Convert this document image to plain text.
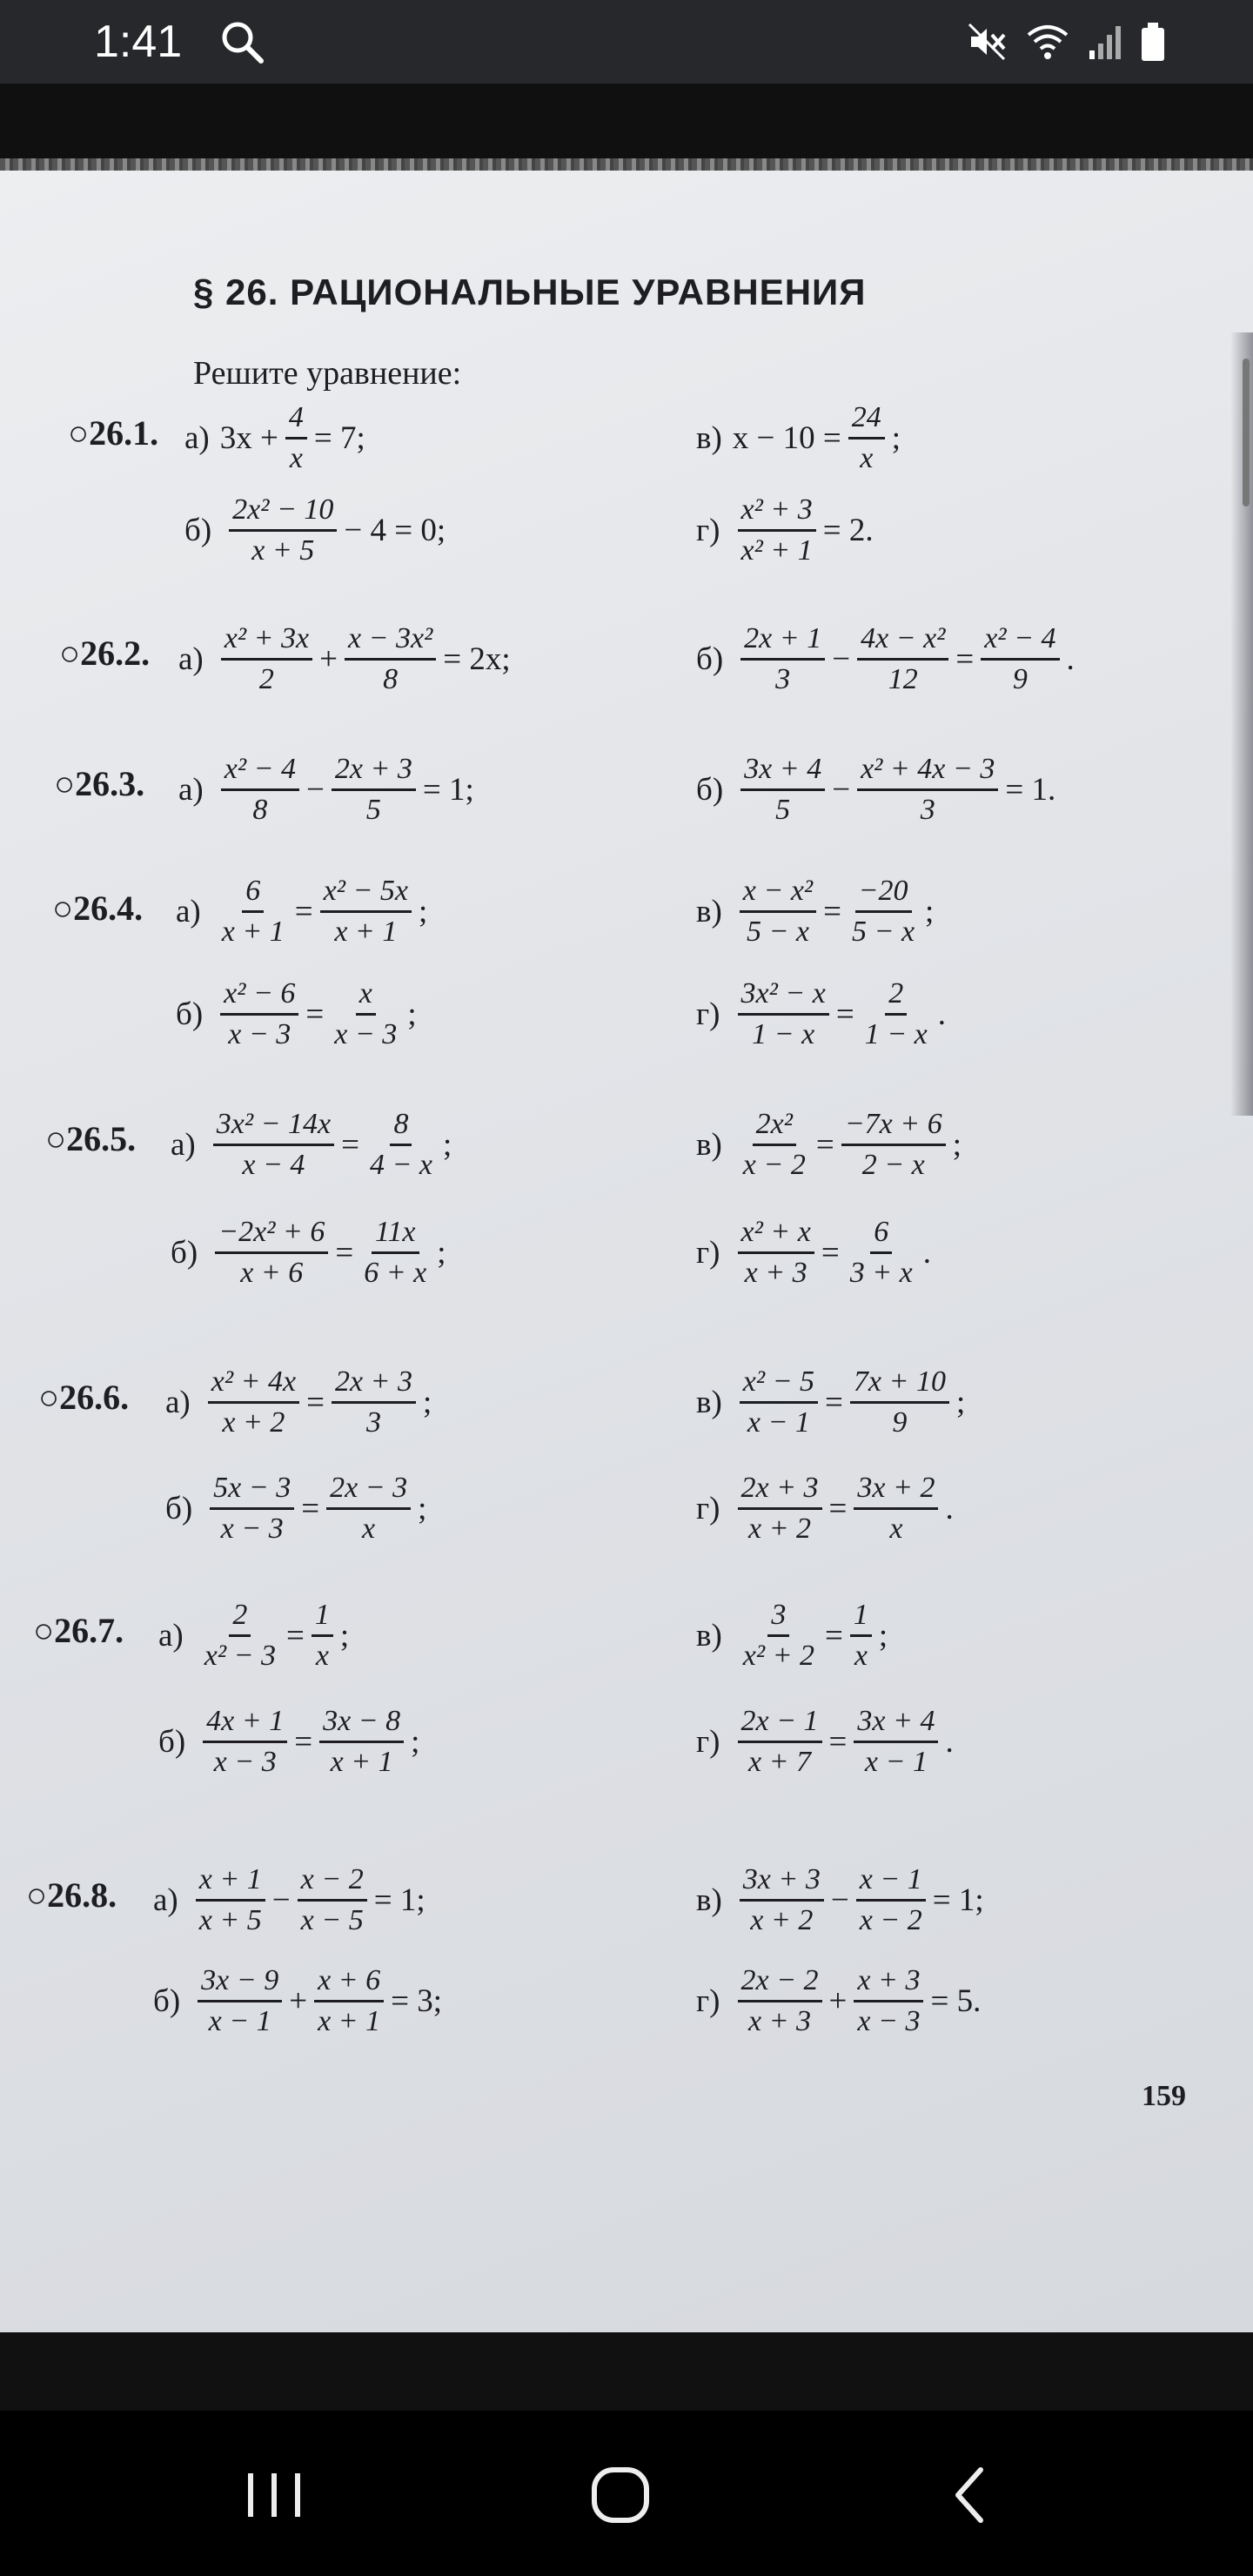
1:41
§ 26. РАЦИОНАЛЬНЫЕ УРАВНЕНИЯ
Решите уравнение:
○26.1. а) $3x + \frac{4}{x} = 7$;	в) $x - 10 = \frac{24}{x}$ ;
$б) \frac{\text{2x² − 10}}{x + 5} - 4 = 0$;	$г) \frac{\text{x² + 3}}{\text{x² + 1}} = 2$.
○26.2. $а) \frac{\text{x² + 3x}}{2} + \frac{\text{x − 3x²}}{8} = 2x$;	$б) \frac{2x + 1}{3} - \frac{\text{4x − x²}}{12} = \frac{\text{x² − 4}}{9}$ .
○26.3. $а) \frac{\text{x² − 4}}{8} - \frac{2x + 3}{5} = 1$;	$б) \frac{3x + 4}{5} - \frac{\text{x² + 4x − 3}}{3} = 1$.
○26.4. $а) \frac{6}{x + 1} = \frac{\text{x² − 5x}}{x + 1}$ ;	$в) \frac{\text{x − x²}}{5 - x} = \frac{-20}{5 - x}$ ;
$б) \frac{\text{x² − 6}}{x - 3} = \frac{x}{x - 3}$ ;	$г) \frac{\text{3x² − x}}{1 - x} = \frac{2}{1 - x}$ .
○26.5. $а) \frac{\text{3x² − 14x}}{x - 4} = \frac{8}{4 - x}$ ;	$в) \frac{\text{2x²}}{x - 2} = \frac{-7x + 6}{2 - x}$ ;
$б) \frac{\text{−2x² + 6}}{x + 6} = \frac{11x}{6 + x}$ ;	$г) \frac{\text{x² + x}}{x + 3} = \frac{6}{3 + x}$ .
○26.6. $а) \frac{\text{x² + 4x}}{x + 2} = \frac{2x + 3}{3}$ ;	$в) \frac{\text{x² − 5}}{x - 1} = \frac{7x + 10}{9}$ ;
$б) \frac{5x - 3}{x - 3} = \frac{2x - 3}{x}$ ;	$г) \frac{2x + 3}{x + 2} = \frac{3x + 2}{x}$ .
○26.7. $а) \frac{2}{\text{x² − 3}} = \frac{1}{x}$ ;	$в) \frac{3}{\text{x² + 2}} = \frac{1}{x}$ ;
$б) \frac{4x + 1}{x - 3} = \frac{3x - 8}{x + 1}$ ;	$г) \frac{2x - 1}{x + 7} = \frac{3x + 4}{x - 1}$ .
○26.8. $а) \frac{x + 1}{x + 5} - \frac{x - 2}{x - 5} = 1$;	$в) \frac{3x + 3}{x + 2} - \frac{x - 1}{x - 2} = 1$;
$б) \frac{3x - 9}{x - 1} + \frac{x + 6}{x + 1} = 3$;	$г) \frac{2x - 2}{x + 3} + \frac{x + 3}{x - 3} = 5$.
159
